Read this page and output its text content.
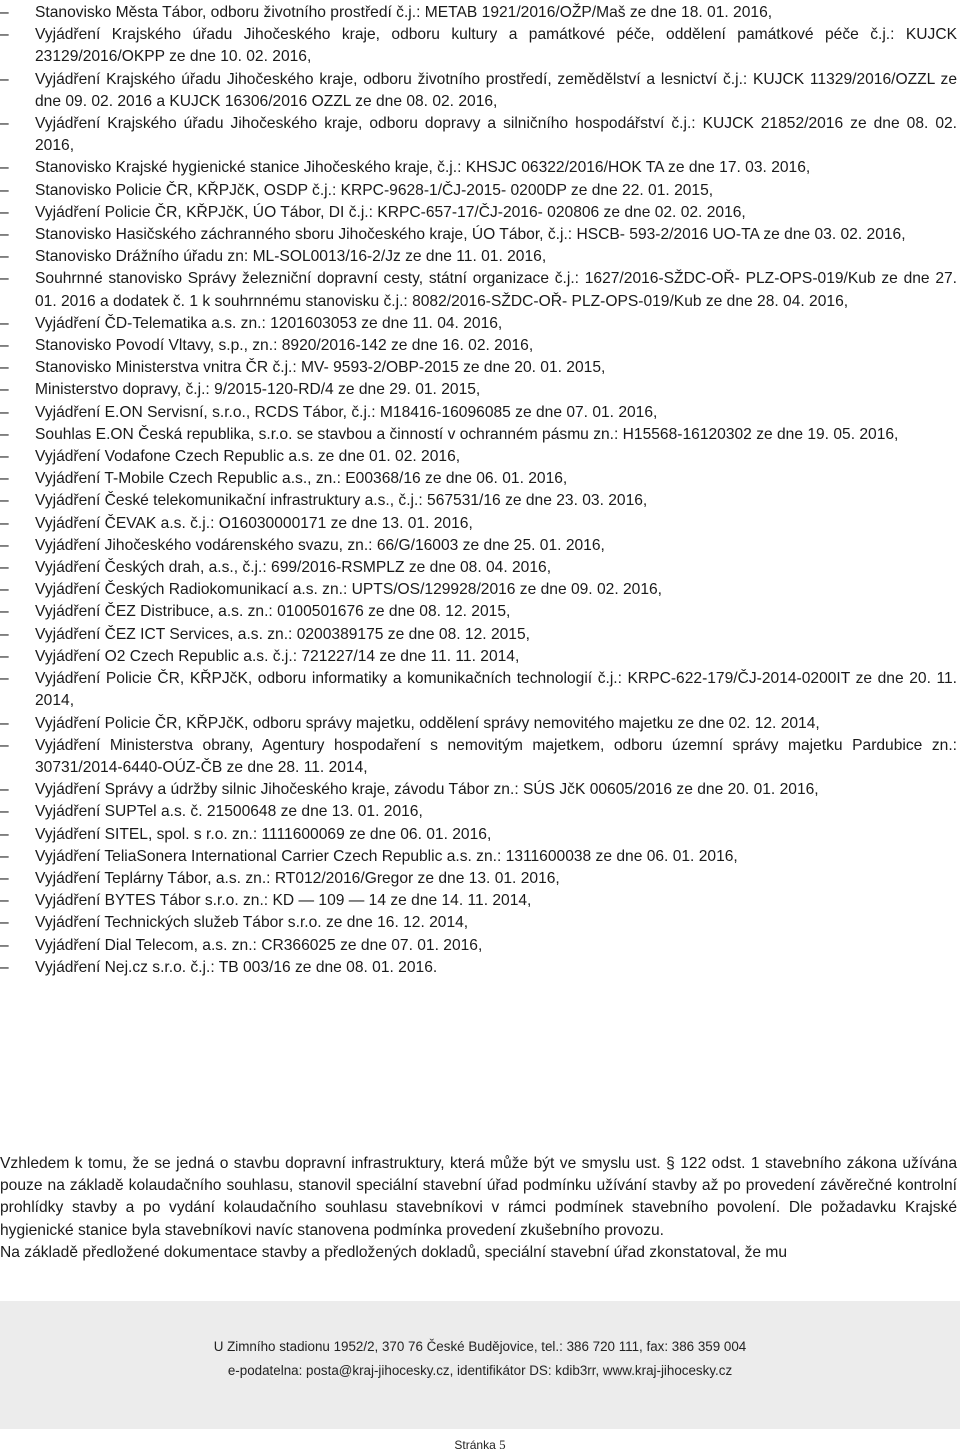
– Stanovisko Města Tábor, odboru životního prostředí č.j.: METAB 1921/2016/OŽP/Maš ze dne 18. 01. 2016,
– Vyjádření Krajského úřadu Jihočeského kraje, odboru kultury a památkové péče, oddělení památkové péče č.j.: KUJCK 23129/2016/OKPP ze dne 10. 02. 2016,
– Vyjádření Krajského úřadu Jihočeského kraje, odboru životního prostředí, zemědělství a lesnictví č.j.: KUJCK 11329/2016/OZZL ze dne 09. 02. 2016 a KUJCK 16306/2016 OZZL ze dne 08. 02. 2016,
– Vyjádření Krajského úřadu Jihočeského kraje, odboru dopravy a silničního hospodářství č.j.: KUJCK 21852/2016 ze dne 08. 02. 2016,
– Stanovisko Krajské hygienické stanice Jihočeského kraje, č.j.: KHSJC 06322/2016/HOK TA ze dne 17. 03. 2016,
– Stanovisko Policie ČR, KŘPJčK, OSDP č.j.: KRPC-9628-1/ČJ-2015- 0200DP ze dne 22. 01. 2015,
– Vyjádření Policie ČR, KŘPJčK, ÚO Tábor, DI č.j.: KRPC-657-17/ČJ-2016- 020806 ze dne 02. 02. 2016,
– Stanovisko Hasičského záchranného sboru Jihočeského kraje, ÚO Tábor, č.j.: HSCB- 593-2/2016 UO-TA ze dne 03. 02. 2016,
– Stanovisko Drážního úřadu zn: ML-SOL0013/16-2/Jz ze dne 11. 01. 2016,
– Souhrnné stanovisko Správy železniční dopravní cesty, státní organizace č.j.: 1627/2016-SŽDC-OŘ- PLZ-OPS-019/Kub ze dne 27. 01. 2016 a dodatek č. 1 k souhrnnému stanovisku č.j.: 8082/2016-SŽDC-OŘ- PLZ-OPS-019/Kub ze dne 28. 04. 2016,
– Vyjádření ČD-Telematika a.s. zn.: 1201603053 ze dne 11. 04. 2016,
– Stanovisko Povodí Vltavy, s.p., zn.: 8920/2016-142 ze dne 16. 02. 2016,
– Stanovisko Ministerstva vnitra ČR č.j.: MV- 9593-2/OBP-2015 ze dne 20. 01. 2015,
– Ministerstvo dopravy, č.j.: 9/2015-120-RD/4 ze dne 29. 01. 2015,
– Vyjádření E.ON Servisní, s.r.o., RCDS Tábor, č.j.: M18416-16096085 ze dne 07. 01. 2016,
– Souhlas E.ON Česká republika, s.r.o. se stavbou a činností v ochranném pásmu zn.: H15568-16120302 ze dne 19. 05. 2016,
– Vyjádření Vodafone Czech Republic a.s. ze dne 01. 02. 2016,
– Vyjádření T-Mobile Czech Republic a.s., zn.: E00368/16 ze dne 06. 01. 2016,
– Vyjádření České telekomunikační infrastruktury a.s., č.j.: 567531/16 ze dne 23. 03. 2016,
– Vyjádření ČEVAK a.s. č.j.: O16030000171 ze dne 13. 01. 2016,
– Vyjádření Jihočeského vodárenského svazu, zn.: 66/G/16003 ze dne 25. 01. 2016,
– Vyjádření Českých drah, a.s., č.j.: 699/2016-RSMPLZ ze dne 08. 04. 2016,
– Vyjádření Českých Radiokomunikací a.s. zn.: UPTS/OS/129928/2016 ze dne 09. 02. 2016,
– Vyjádření ČEZ Distribuce, a.s. zn.: 0100501676 ze dne 08. 12. 2015,
– Vyjádření ČEZ ICT Services, a.s. zn.: 0200389175 ze dne 08. 12. 2015,
– Vyjádření O2 Czech Republic a.s. č.j.: 721227/14 ze dne 11. 11. 2014,
– Vyjádření Policie ČR, KŘPJčK, odboru informatiky a komunikačních technologií č.j.: KRPC-622-179/ČJ-2014-0200IT ze dne 20. 11. 2014,
– Vyjádření Policie ČR, KŘPJčK, odboru správy majetku, oddělení správy nemovitého majetku ze dne 02. 12. 2014,
– Vyjádření Ministerstva obrany, Agentury hospodaření s nemovitým majetkem, odboru územní správy majetku Pardubice zn.: 30731/2014-6440-OÚZ-ČB ze dne 28. 11. 2014,
– Vyjádření Správy a údržby silnic Jihočeského kraje, závodu Tábor zn.: SÚS JčK 00605/2016 ze dne 20. 01. 2016,
– Vyjádření SUPTel a.s. č. 21500648 ze dne 13. 01. 2016,
– Vyjádření SITEL, spol. s r.o. zn.: 1111600069 ze dne 06. 01. 2016,
– Vyjádření TeliaSonera International Carrier Czech Republic a.s. zn.: 1311600038 ze dne 06. 01. 2016,
– Vyjádření Teplárny Tábor, a.s. zn.: RT012/2016/Gregor ze dne 13. 01. 2016,
– Vyjádření BYTES Tábor s.r.o. zn.: KD — 109 — 14 ze dne 14. 11. 2014,
– Vyjádření Technických služeb Tábor s.r.o. ze dne 16. 12. 2014,
– Vyjádření Dial Telecom, a.s. zn.: CR366025 ze dne 07. 01. 2016,
– Vyjádření Nej.cz s.r.o. č.j.: TB 003/16 ze dne 08. 01. 2016.

Vzhledem k tomu, že se jedná o stavbu dopravní infrastruktury, která může být ve smyslu ust. § 122 odst. 1 stavebního zákona užívána pouze na základě kolaudačního souhlasu, stanovil speciální stavební úřad podmínku užívání stavby až po provedení závěrečné kontrolní prohlídky stavby a po vydání kolaudačního souhlasu stavebníkovi v rámci podmínek stavebního povolení. Dle požadavku Krajské hygienické stanice byla stavebníkovi navíc stanovena podmínka provedení zkušebního provozu.

Na základě předložené dokumentace stavby a předložených dokladů, speciální stavební úřad zkonstatoval, že mu

U Zimního stadionu 1952/2, 370 76 České Budějovice, tel.: 386 720 111, fax: 386 359 004
e-podatelna: posta@kraj-jihocesky.cz, identifikátor DS: kdib3rr, www.kraj-jihocesky.cz
Stránka 5
